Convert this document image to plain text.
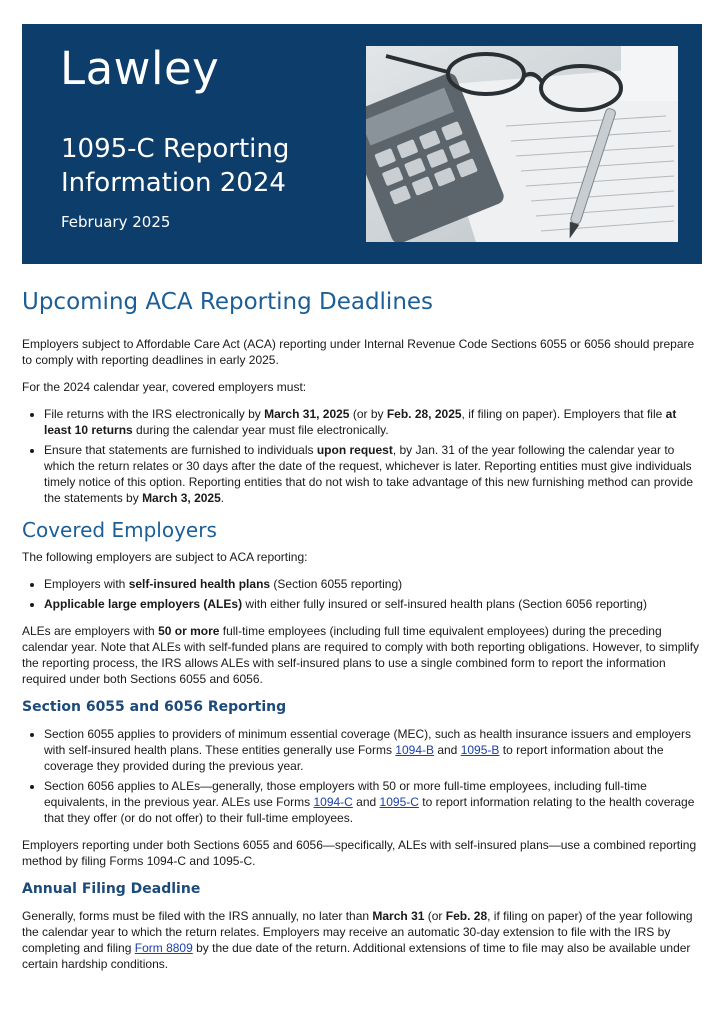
Lawley
1095-C Reporting Information 2024
February 2025
Upcoming ACA Reporting Deadlines

Employers subject to Affordable Care Act (ACA) reporting under Internal Revenue Code Sections 6055 or 6056 should prepare to comply with reporting deadlines in early 2025.

For the 2024 calendar year, covered employers must:

• File returns with the IRS electronically by March 31, 2025 (or by Feb. 28, 2025, if filing on paper). Employers that file at least 10 returns during the calendar year must file electronically.
• Ensure that statements are furnished to individuals upon request, by Jan. 31 of the year following the calendar year to which the return relates or 30 days after the date of the request, whichever is later. Reporting entities must give individuals timely notice of this option. Reporting entities that do not wish to take advantage of this new furnishing method can provide the statements by March 3, 2025.
Covered Employers

The following employers are subject to ACA reporting:

• Employers with self-insured health plans (Section 6055 reporting)
• Applicable large employers (ALEs) with either fully insured or self-insured health plans (Section 6056 reporting)

ALEs are employers with 50 or more full-time employees (including full time equivalent employees) during the preceding calendar year. Note that ALEs with self-funded plans are required to comply with both reporting obligations. However, to simplify the reporting process, the IRS allows ALEs with self-insured plans to use a single combined form to report the information required under both Sections 6055 and 6056.

Section 6055 and 6056 Reporting
• Section 6055 applies to providers of minimum essential coverage (MEC), such as health insurance issuers and employers with self-insured health plans. These entities generally use Forms 1094-B and 1095-B to report information about the coverage they provided during the previous year.
• Section 6056 applies to ALEs—generally, those employers with 50 or more full-time employees, including full-time equivalents, in the previous year. ALEs use Forms 1094-C and 1095-C to report information relating to the health coverage that they offer (or do not offer) to their full-time employees.

Employers reporting under both Sections 6055 and 6056—specifically, ALEs with self-insured plans—use a combined reporting method by filing Forms 1094-C and 1095-C.

Annual Filing Deadline

Generally, forms must be filed with the IRS annually, no later than March 31 (or Feb. 28, if filing on paper) of the year following the calendar year to which the return relates. Employers may receive an automatic 30-day extension to file with the IRS by completing and filing Form 8809 by the due date of the return. Additional extensions of time to file may also be available under certain hardship conditions.
